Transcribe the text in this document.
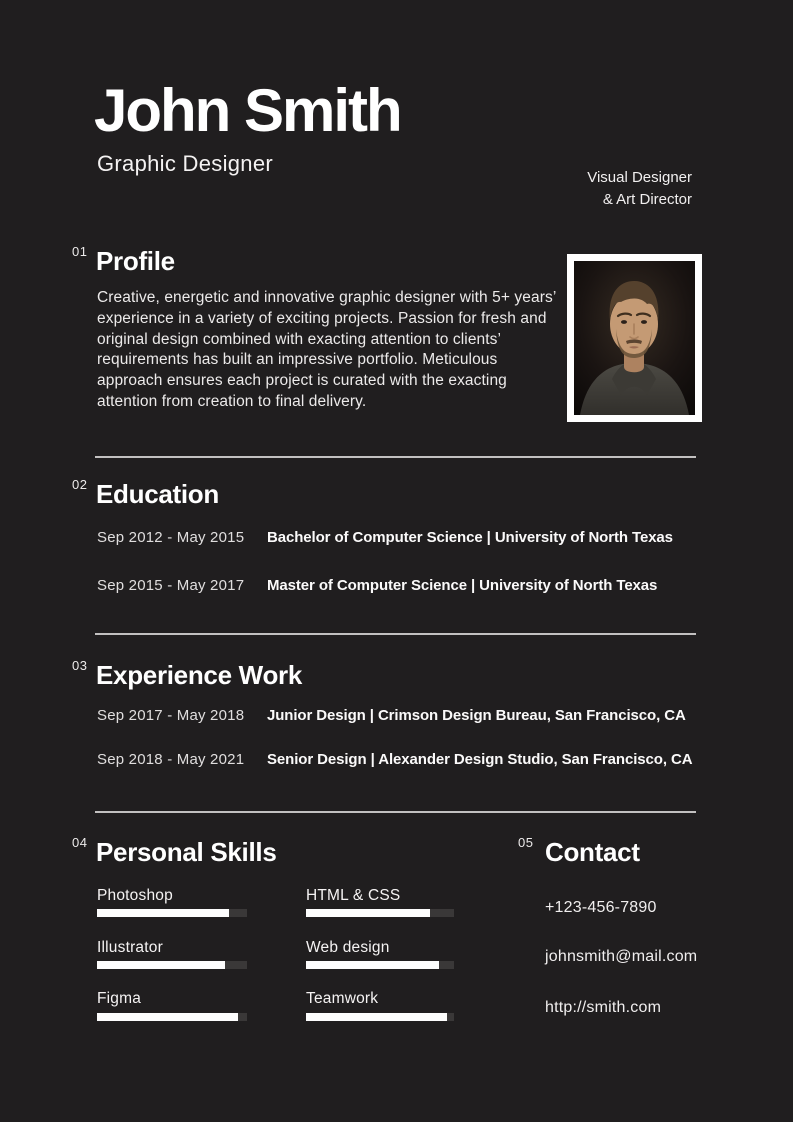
John Smith
Graphic Designer
Visual Designer
& Art Director
01 Profile

Creative, energetic and innovative graphic designer with 5+ years’ experience in a variety of exciting projects. Passion for fresh and original design combined with exacting attention to clients’ requirements has built an impressive portfolio. Meticulous approach ensures each project is curated with the exacting attention from creation to final delivery.

02 Education
Sep 2012 - May 2015	Bachelor of Computer Science | University of North Texas
Sep 2015 - May 2017	Master of Computer Science | University of North Texas
03 Experience Work
Sep 2017 - May 2018	Junior Design | Crimson Design Bureau, San Francisco, CA
Sep 2018 - May 2021	Senior Design | Alexander Design Studio, San Francisco, CA
04 Personal Skills
Photoshop
Illustrator
Figma
HTML & CSS
Web design
Teamwork
05 Contact
+123-456-7890
johnsmith@mail.com
http://smith.com
